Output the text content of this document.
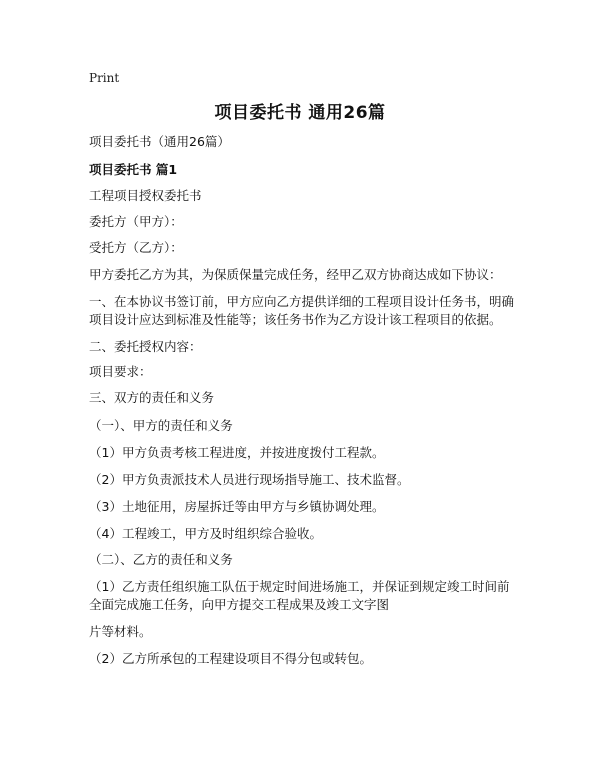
Print
项目委托书 通用26篇
项目委托书（通用26篇）
项目委托书 篇1
工程项目授权委托书
委托方（甲方）：
受托方（乙方）：
甲方委托乙方为其，为保质保量完成任务，经甲乙双方协商达成如下协议：
一、在本协议书签订前，甲方应向乙方提供详细的工程项目设计任务书，明确项目设计应达到标准及性能等；该任务书作为乙方设计该工程项目的依据。
二、委托授权内容：
项目要求：
三、双方的责任和义务
（一）、甲方的责任和义务
（1）甲方负责考核工程进度，并按进度拨付工程款。
（2）甲方负责派技术人员进行现场指导施工、技术监督。
（3）土地征用，房屋拆迁等由甲方与乡镇协调处理。
（4）工程竣工，甲方及时组织综合验收。
（二）、乙方的责任和义务
（1）乙方责任组织施工队伍于规定时间进场施工，并保证到规定竣工时间前全面完成施工任务，向甲方提交工程成果及竣工文字图
片等材料。
（2）乙方所承包的工程建设项目不得分包或转包。
